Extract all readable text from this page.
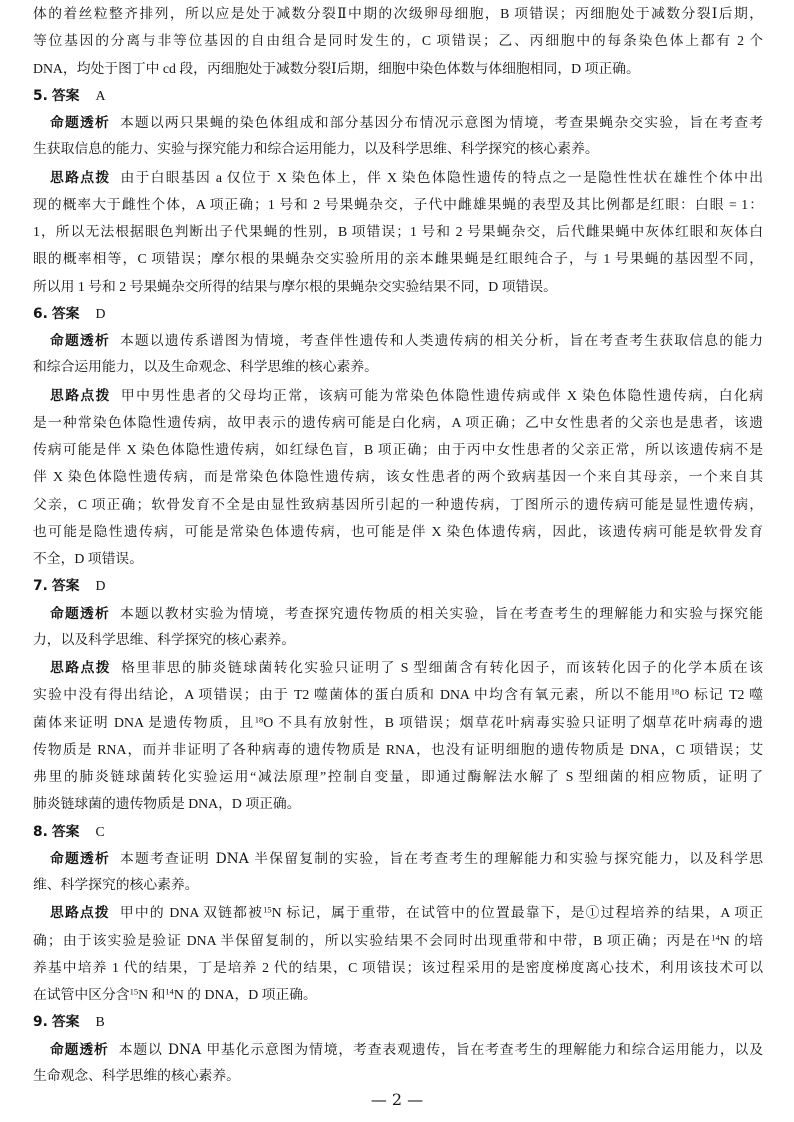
体的着丝粒整齐排列，所以应是处于减数分裂Ⅱ中期的次级卵母细胞，B 项错误；丙细胞处于减数分裂Ⅰ后期，
等位基因的分离与非等位基因的自由组合是同时发生的，C 项错误；乙、丙细胞中的每条染色体上都有 2 个
DNA，均处于图丁中 cd 段，丙细胞处于减数分裂Ⅰ后期，细胞中染色体数与体细胞相同，D 项正确。
5. 答案 A
命题透析 本题以两只果蝇的染色体组成和部分基因分布情况示意图为情境，考查果蝇杂交实验，旨在考查考
生获取信息的能力、实验与探究能力和综合运用能力，以及科学思维、科学探究的核心素养。
思路点拨 由于白眼基因 a 仅位于 X 染色体上，伴 X 染色体隐性遗传的特点之一是隐性性状在雄性个体中出
现的概率大于雌性个体，A 项正确；1 号和 2 号果蝇杂交，子代中雌雄果蝇的表型及其比例都是红眼：白眼 = 1：
1，所以无法根据眼色判断出子代果蝇的性别，B 项错误；1 号和 2 号果蝇杂交，后代雌果蝇中灰体红眼和灰体白
眼的概率相等，C 项错误；摩尔根的果蝇杂交实验所用的亲本雌果蝇是红眼纯合子，与 1 号果蝇的基因型不同，
所以用 1 号和 2 号果蝇杂交所得的结果与摩尔根的果蝇杂交实验结果不同，D 项错误。
6. 答案 D
命题透析 本题以遗传系谱图为情境，考查伴性遗传和人类遗传病的相关分析，旨在考查考生获取信息的能力
和综合运用能力，以及生命观念、科学思维的核心素养。
思路点拨 甲中男性患者的父母均正常，该病可能为常染色体隐性遗传病或伴 X 染色体隐性遗传病，白化病
是一种常染色体隐性遗传病，故甲表示的遗传病可能是白化病，A 项正确；乙中女性患者的父亲也是患者，该遗
传病可能是伴 X 染色体隐性遗传病，如红绿色盲，B 项正确；由于丙中女性患者的父亲正常，所以该遗传病不是
伴 X 染色体隐性遗传病，而是常染色体隐性遗传病，该女性患者的两个致病基因一个来自其母亲，一个来自其
父亲，C 项正确；软骨发育不全是由显性致病基因所引起的一种遗传病，丁图所示的遗传病可能是显性遗传病，
也可能是隐性遗传病，可能是常染色体遗传病，也可能是伴 X 染色体遗传病，因此，该遗传病可能是软骨发育
不全，D 项错误。
7. 答案 D
命题透析 本题以教材实验为情境，考查探究遗传物质的相关实验，旨在考查考生的理解能力和实验与探究能
力，以及科学思维、科学探究的核心素养。
思路点拨 格里菲思的肺炎链球菌转化实验只证明了 S 型细菌含有转化因子，而该转化因子的化学本质在该
实验中没有得出结论，A 项错误；由于 T2 噬菌体的蛋白质和 DNA 中均含有氧元素，所以不能用$^{18}$O 标记 T2 噬
菌体来证明 DNA 是遗传物质，且$^{18}$O 不具有放射性，B 项错误；烟草花叶病毒实验只证明了烟草花叶病毒的遗
传物质是 RNA，而并非证明了各种病毒的遗传物质是 RNA，也没有证明细胞的遗传物质是 DNA，C 项错误；艾
弗里的肺炎链球菌转化实验运用“减法原理”控制自变量，即通过酶解法水解了 S 型细菌的相应物质，证明了
肺炎链球菌的遗传物质是 DNA，D 项正确。
8. 答案 C
命题透析 本题考查证明 DNA 半保留复制的实验，旨在考查考生的理解能力和实验与探究能力，以及科学思
维、科学探究的核心素养。
思路点拨 甲中的 DNA 双链都被$^{15}$N 标记，属于重带，在试管中的位置最靠下，是①过程培养的结果，A 项正
确；由于该实验是验证 DNA 半保留复制的，所以实验结果不会同时出现重带和中带，B 项正确；丙是在$^{14}$N 的培
养基中培养 1 代的结果，丁是培养 2 代的结果，C 项错误；该过程采用的是密度梯度离心技术，利用该技术可以
在试管中区分含$^{15}$N 和$^{14}$N 的 DNA，D 项正确。
9. 答案 B
命题透析 本题以 DNA 甲基化示意图为情境，考查表观遗传，旨在考查考生的理解能力和综合运用能力，以及
生命观念、科学思维的核心素养。
— 2 —
